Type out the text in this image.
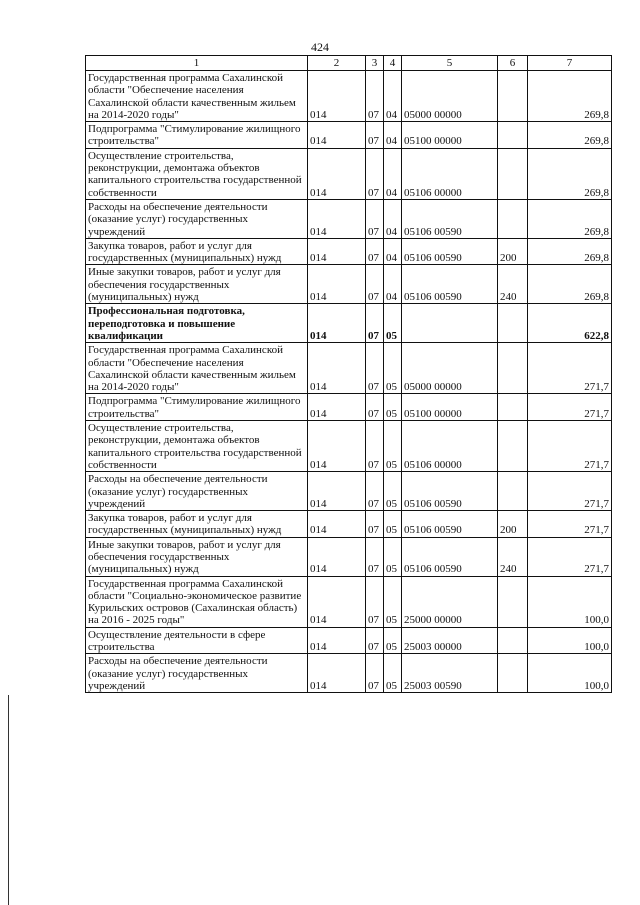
424
1	2	3	4	5	6	7
Государственная программа Сахалинской области "Обеспечение населения Сахалинской области качественным жильем на 2014-2020 годы"	014	07	04	05000 00000		269,8
Подпрограмма "Стимулирование жилищного строительства"	014	07	04	05100 00000		269,8
Осуществление строительства, реконструкции, демонтажа объектов капитального строительства государственной собственности	014	07	04	05106 00000		269,8
Расходы на обеспечение деятельности (оказание услуг) государственных учреждений	014	07	04	05106 00590		269,8
Закупка товаров, работ и услуг для государственных (муниципальных) нужд	014	07	04	05106 00590	200	269,8
Иные закупки товаров, работ и услуг для обеспечения государственных (муниципальных) нужд	014	07	04	05106 00590	240	269,8
Профессиональная подготовка, переподготовка и повышение квалификации	014	07	05			622,8
Государственная программа Сахалинской области "Обеспечение населения Сахалинской области качественным жильем на 2014-2020 годы"	014	07	05	05000 00000		271,7
Подпрограмма "Стимулирование жилищного строительства"	014	07	05	05100 00000		271,7
Осуществление строительства, реконструкции, демонтажа объектов капитального строительства государственной собственности	014	07	05	05106 00000		271,7
Расходы на обеспечение деятельности (оказание услуг) государственных учреждений	014	07	05	05106 00590		271,7
Закупка товаров, работ и услуг для государственных (муниципальных) нужд	014	07	05	05106 00590	200	271,7
Иные закупки товаров, работ и услуг для обеспечения государственных (муниципальных) нужд	014	07	05	05106 00590	240	271,7
Государственная программа Сахалинской области "Социально-экономическое развитие Курильских островов (Сахалинская область) на 2016 - 2025 годы"	014	07	05	25000 00000		100,0
Осуществление деятельности в сфере строительства	014	07	05	25003 00000		100,0
Расходы на обеспечение деятельности (оказание услуг) государственных учреждений	014	07	05	25003 00590		100,0
